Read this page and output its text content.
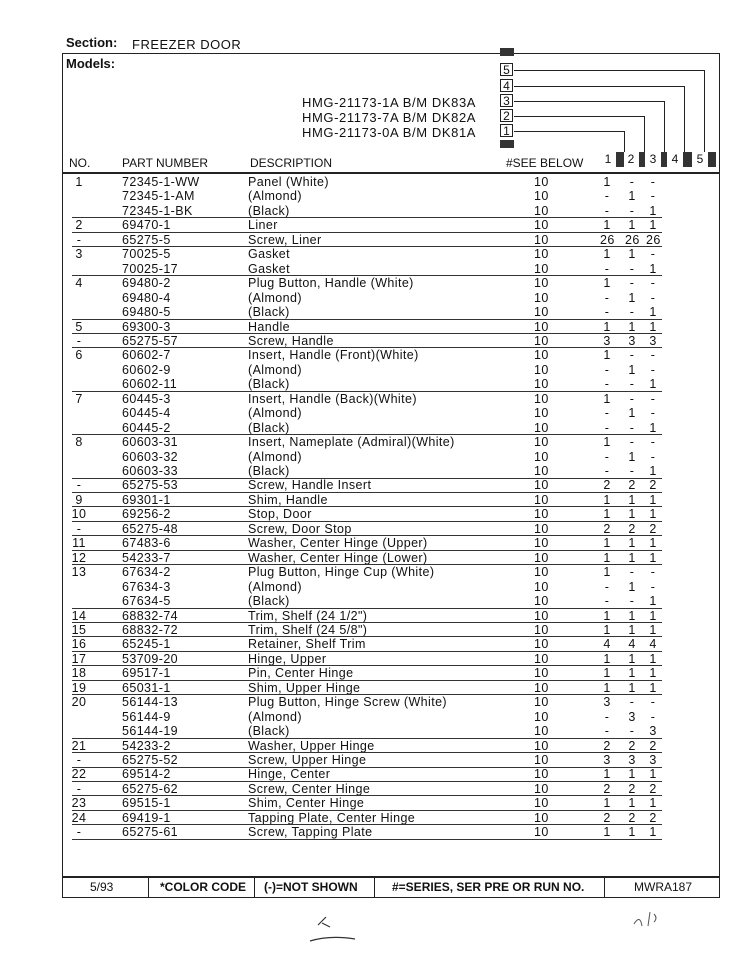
Section: FREEZER DOOR
Models:
HMG-21173-1A B/M DK83A
HMG-21173-7A B/M DK82A
HMG-21173-0A B/M DK81A
5
4
3
2
1
NO.	PART NUMBER	DESCRIPTION	#SEE BELOW	1	2	3	4	5
1	72345-1-WW	Panel (White)	10	1	-	-
72345-1-AM	(Almond)	10	-	1	-
72345-1-BK	(Black)	10	-	-	1
2	69470-1	Liner	10	1 1 1
-	65275-5	Screw, Liner	10	26 26 26
3	70025-5	Gasket	10	1 1	-
70025-17	Gasket	10	-	-	1
4	69480-2	Plug Button, Handle (White)	10	1	-	-
69480-4	(Almond)	10	-	1	-
69480-5	(Black)	10	-	-	1
5	69300-3	Handle	10	1 1 1
-	65275-57	Screw, Handle	10	3 3 3
6	60602-7	Insert, Handle (Front)(White)	10	1	-	-
60602-9	(Almond)	10	-	1	-
60602-11	(Black)	10	-	-	1
7	60445-3	Insert, Handle (Back)(White)	10	1	-	-
60445-4	(Almond)	10	-	1	-
60445-2	(Black)	10	-	-	1
8	60603-31	Insert, Nameplate (Admiral)(White)	10	1	-	-
60603-32	(Almond)	10	-	1	-
60603-33	(Black)	10	-	-	1
-	65275-53	Screw, Handle Insert	10	2 2 2
9	69301-1	Shim, Handle	10	1 1 1
10	69256-2	Stop, Door	10	1 1 1
-	65275-48	Screw, Door Stop	10	2 2 2
11	67483-6	Washer, Center Hinge (Upper)	10	1 1 1
12	54233-7	Washer, Center Hinge (Lower)	10	1 1 1
13	67634-2	Plug Button, Hinge Cup (White)	10	1	-	-
67634-3	(Almond)	10	-	1	-
67634-5	(Black)	10	-	-	1
14	68832-74	Trim, Shelf (24 1/2")	10	1 1 1
15	68832-72	Trim, Shelf (24 5/8")	10	1 1 1
16	65245-1	Retainer, Shelf Trim	10	4 4 4
17	53709-20	Hinge, Upper	10	1 1 1
18	69517-1	Pin, Center Hinge	10	1 1 1
19	65031-1	Shim, Upper Hinge	10	1 1 1
20	56144-13	Plug Button, Hinge Screw (White)	10	3	-	-
56144-9	(Almond)	10	-	3	-
56144-19	(Black)	10	-	-	3
21	54233-2	Washer, Upper Hinge	10	2 2 2
-	65275-52	Screw, Upper Hinge	10	3 3 3
22	69514-2	Hinge, Center	10	1 1 1
-	65275-62	Screw, Center Hinge	10	2 2 2
23	69515-1	Shim, Center Hinge	10	1 1 1
24	69419-1	Tapping Plate, Center Hinge	10	2 2 2
-	65275-61	Screw, Tapping Plate	10	1 1 1
5/93	*COLOR CODE (-)=NOT SHOWN	#=SERIES, SER PRE OR RUN NO.	MWRA187
